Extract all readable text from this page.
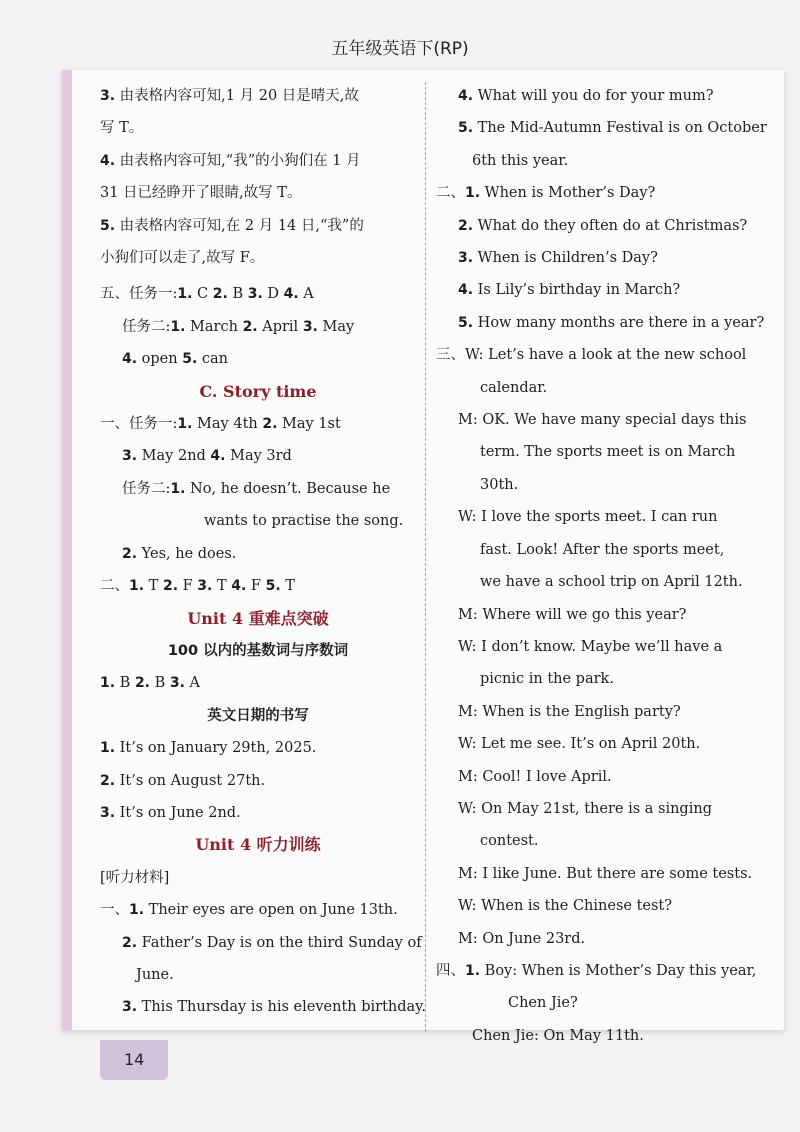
五年级英语下(RP)
3. 由表格内容可知,1 月 20 日是晴天,故
写 T。
4. 由表格内容可知,“我”的小狗们在 1 月
31 日已经睁开了眼睛,故写 T。
5. 由表格内容可知,在 2 月 14 日,“我”的
小狗们可以走了,故写 F。
五、任务一:1. C 2. B 3. D 4. A
任务二:1. March 2. April 3. May
4. open 5. can
C. Story time
一、任务一:1. May 4th 2. May 1st
3. May 2nd 4. May 3rd
任务二:1. No, he doesn’t. Because he
wants to practise the song.
2. Yes, he does.
二、1. T 2. F 3. T 4. F 5. T
Unit 4 重难点突破
100 以内的基数词与序数词
1. B 2. B 3. A
英文日期的书写
1. It’s on January 29th, 2025.
2. It’s on August 27th.
3. It’s on June 2nd.
Unit 4 听力训练
[听力材料]
一、1. Their eyes are open on June 13th.
2. Father’s Day is on the third Sunday of
June.
3. This Thursday is his eleventh birthday.
4. What will you do for your mum?
5. The Mid-Autumn Festival is on October
6th this year.
二、1. When is Mother’s Day?
2. What do they often do at Christmas?
3. When is Children’s Day?
4. Is Lily’s birthday in March?
5. How many months are there in a year?
三、W: Let’s have a look at the new school
calendar.
M: OK. We have many special days this
term. The sports meet is on March
30th.
W: I love the sports meet. I can run
fast. Look! After the sports meet,
we have a school trip on April 12th.
M: Where will we go this year?
W: I don’t know. Maybe we’ll have a
picnic in the park.
M: When is the English party?
W: Let me see. It’s on April 20th.
M: Cool! I love April.
W: On May 21st, there is a singing
contest.
M: I like June. But there are some tests.
W: When is the Chinese test?
M: On June 23rd.
四、1. Boy: When is Mother’s Day this year,
Chen Jie?
Chen Jie: On May 11th.
14
